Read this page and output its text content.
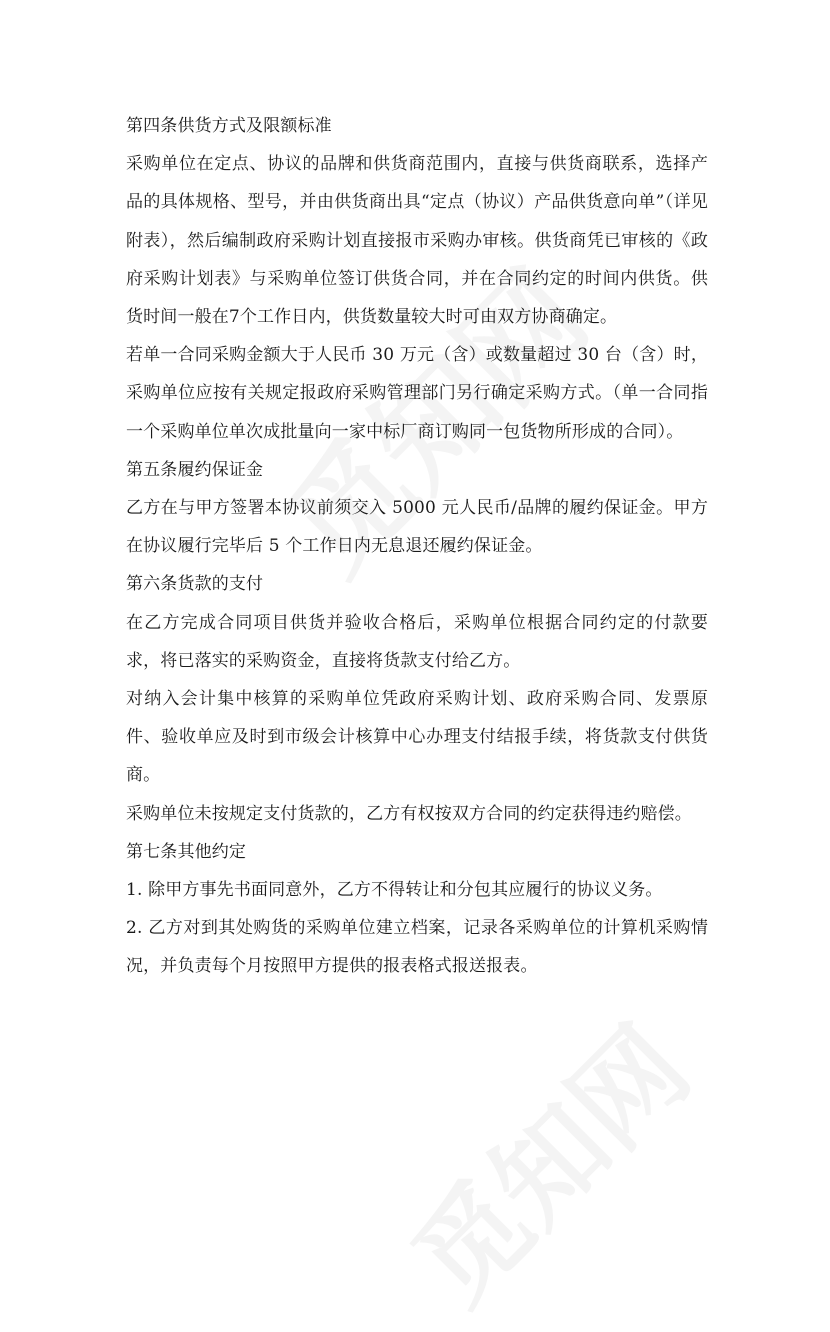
第四条供货方式及限额标准

采购单位在定点、协议的品牌和供货商范围内，直接与供货商联系，选择产品的具体规格、型号，并由供货商出具“定点（协议）产品供货意向单”（详见附表），然后编制政府采购计划直接报市采购办审核。供货商凭已审核的《政府采购计划表》与采购单位签订供货合同，并在合同约定的时间内供货。供货时间一般在7个工作日内，供货数量较大时可由双方协商确定。

若单一合同采购金额大于人民币 30 万元（含）或数量超过 30 台（含）时，采购单位应按有关规定报政府采购管理部门另行确定采购方式。（单一合同指一个采购单位单次成批量向一家中标厂商订购同一包货物所形成的合同）。

第五条履约保证金

乙方在与甲方签署本协议前须交入 5000 元人民币/品牌的履约保证金。甲方在协议履行完毕后 5 个工作日内无息退还履约保证金。

第六条货款的支付

在乙方完成合同项目供货并验收合格后，采购单位根据合同约定的付款要求，将已落实的采购资金，直接将货款支付给乙方。

对纳入会计集中核算的采购单位凭政府采购计划、政府采购合同、发票原件、验收单应及时到市级会计核算中心办理支付结报手续，将货款支付供货商。

采购单位未按规定支付货款的，乙方有权按双方合同的约定获得违约赔偿。

第七条其他约定

1. 除甲方事先书面同意外，乙方不得转让和分包其应履行的协议义务。

2. 乙方对到其处购货的采购单位建立档案，记录各采购单位的计算机采购情况，并负责每个月按照甲方提供的报表格式报送报表。
